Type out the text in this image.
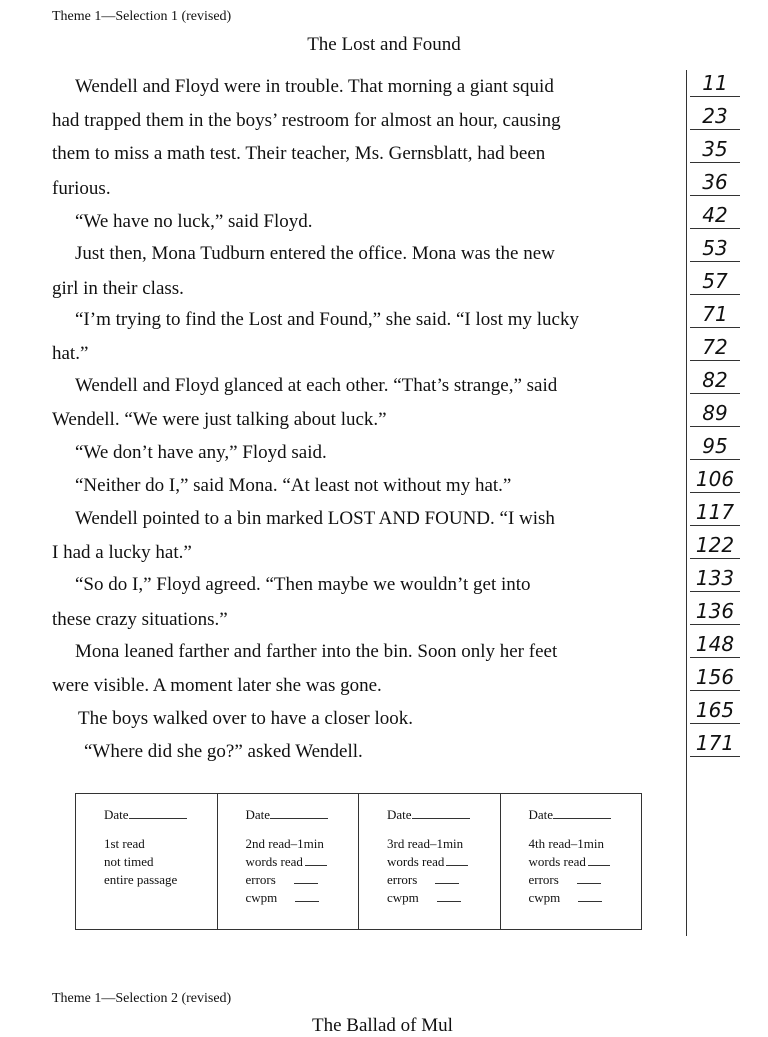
Theme 1—Selection 1 (revised)
The Lost and Found
Wendell and Floyd were in trouble. That morning a giant squid
had trapped them in the boys’ restroom for almost an hour, causing
them to miss a math test. Their teacher, Ms. Gernsblatt, had been
furious.
“We have no luck,” said Floyd.
Just then, Mona Tudburn entered the office. Mona was the new
girl in their class.
“I’m trying to find the Lost and Found,” she said. “I lost my lucky
hat.”
Wendell and Floyd glanced at each other. “That’s strange,” said
Wendell. “We were just talking about luck.”
“We don’t have any,” Floyd said.
“Neither do I,” said Mona. “At least not without my hat.”
Wendell pointed to a bin marked LOST AND FOUND. “I wish
I had a lucky hat.”
“So do I,” Floyd agreed. “Then maybe we wouldn’t get into
these crazy situations.”
Mona leaned farther and farther into the bin. Soon only her feet
were visible. A moment later she was gone.
The boys walked over to have a closer look.
“Where did she go?” asked Wendell.
11
23
35
36
42
53
57
71
72
82
89
95
106
117
122
133
136
148
156
165
171
Date
1st read
not timed
entire passage
Date
2nd read–1min
words read
errors
cwpm
Date
3rd read–1min
words read
errors
cwpm
Date
4th read–1min
words read
errors
cwpm
Theme 1—Selection 2 (revised)
The Ballad of Mul
